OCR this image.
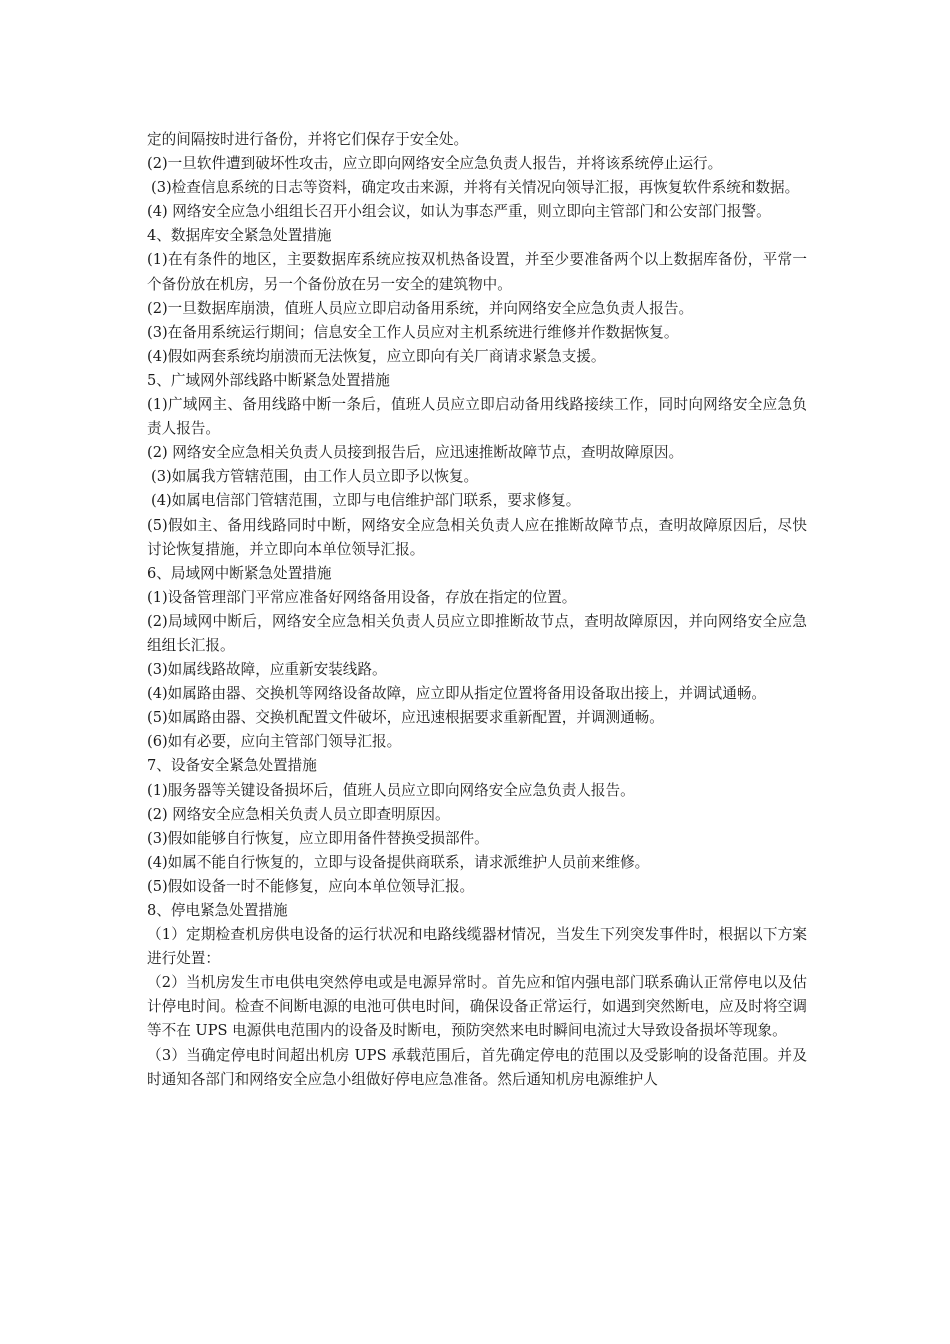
定的间隔按时进行备份，并将它们保存于安全处。

(2)一旦软件遭到破坏性攻击，应立即向网络安全应急负责人报告，并将该系统停止运行。

(3)检查信息系统的日志等资料，确定攻击来源，并将有关情况向领导汇报，再恢复软件系统和数据。

(4) 网络安全应急小组组长召开小组会议，如认为事态严重，则立即向主管部门和公安部门报警。

4、数据库安全紧急处置措施

(1)在有条件的地区，主要数据库系统应按双机热备设置，并至少要准备两个以上数据库备份，平常一个备份放在机房，另一个备份放在另一安全的建筑物中。

(2)一旦数据库崩溃，值班人员应立即启动备用系统，并向网络安全应急负责人报告。

(3)在备用系统运行期间；信息安全工作人员应对主机系统进行维修并作数据恢复。

(4)假如两套系统均崩溃而无法恢复，应立即向有关厂商请求紧急支援。

5、广域网外部线路中断紧急处置措施

(1)广域网主、备用线路中断一条后，值班人员应立即启动备用线路接续工作，同时向网络安全应急负责人报告。

(2) 网络安全应急相关负责人员接到报告后，应迅速推断故障节点，查明故障原因。

(3)如属我方管辖范围，由工作人员立即予以恢复。

(4)如属电信部门管辖范围，立即与电信维护部门联系，要求修复。

(5)假如主、备用线路同时中断，网络安全应急相关负责人应在推断故障节点，查明故障原因后，尽快讨论恢复措施，并立即向本单位领导汇报。

6、局域网中断紧急处置措施

(1)设备管理部门平常应准备好网络备用设备，存放在指定的位置。

(2)局域网中断后，网络安全应急相关负责人员应立即推断故节点，查明故障原因，并向网络安全应急组组长汇报。

(3)如属线路故障，应重新安装线路。

(4)如属路由器、交换机等网络设备故障，应立即从指定位置将备用设备取出接上，并调试通畅。

(5)如属路由器、交换机配置文件破坏，应迅速根据要求重新配置，并调测通畅。

(6)如有必要，应向主管部门领导汇报。

7、设备安全紧急处置措施

(1)服务器等关键设备损坏后，值班人员应立即向网络安全应急负责人报告。

(2) 网络安全应急相关负责人员立即查明原因。

(3)假如能够自行恢复，应立即用备件替换受损部件。

(4)如属不能自行恢复的，立即与设备提供商联系，请求派维护人员前来维修。

(5)假如设备一时不能修复，应向本单位领导汇报。

8、停电紧急处置措施

（1）定期检查机房供电设备的运行状况和电路线缆器材情况，当发生下列突发事件时，根据以下方案进行处置：

（2）当机房发生市电供电突然停电或是电源异常时。首先应和馆内强电部门联系确认正常停电以及估计停电时间。检查不间断电源的电池可供电时间，确保设备正常运行，如遇到突然断电，应及时将空调等不在 UPS 电源供电范围内的设备及时断电，预防突然来电时瞬间电流过大导致设备损坏等现象。

（3）当确定停电时间超出机房 UPS 承载范围后，首先确定停电的范围以及受影响的设备范围。并及时通知各部门和网络安全应急小组做好停电应急准备。然后通知机房电源维护人
